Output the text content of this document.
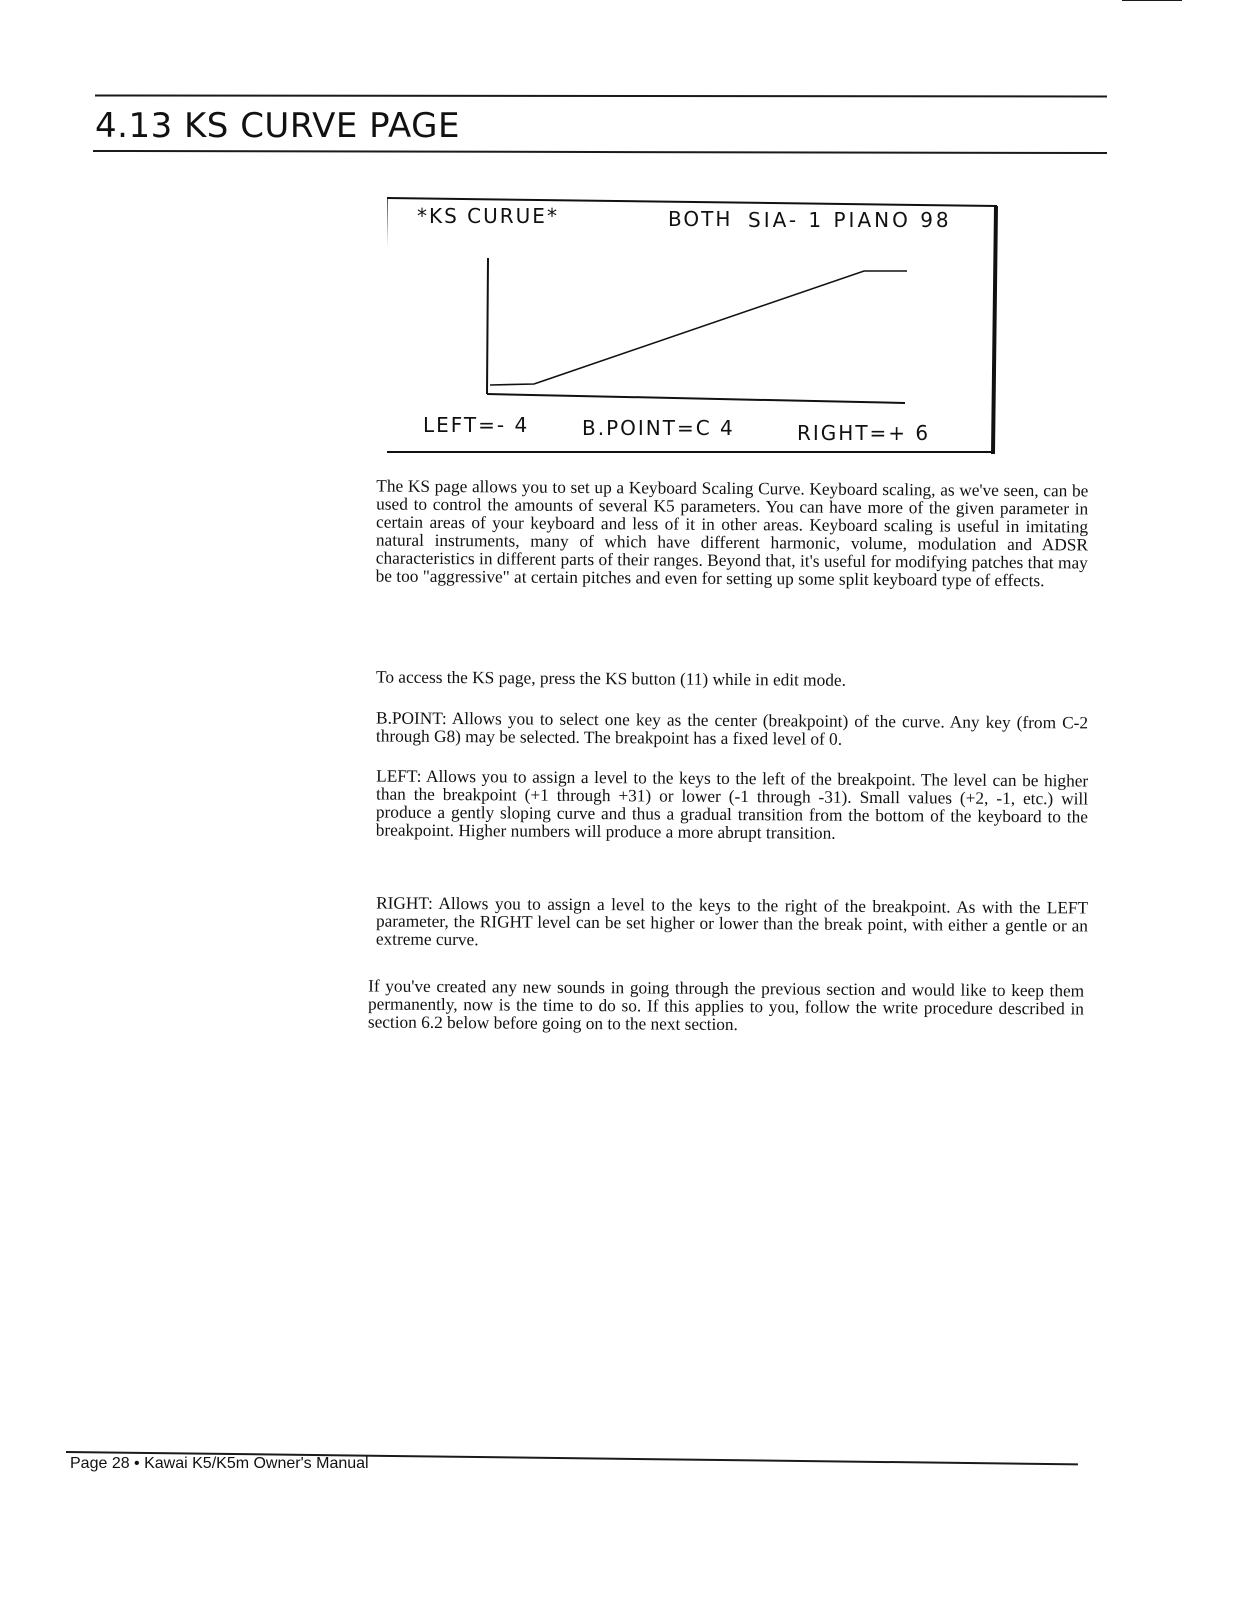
4.13 KS CURVE PAGE
*KS CURUE*	BOTH SIA- 1 PIANO 98
LEFT=- 4	B.POINT=C 4	RIGHT=+ 6

The KS page allows you to set up a Keyboard Scaling Curve. Keyboard scaling, as we've seen, can be used to control the amounts of several K5 parameters. You can have more of the given parameter in certain areas of your keyboard and less of it in other areas. Keyboard scaling is useful in imitating natural instruments, many of which have different harmonic, volume, modulation and ADSR characteristics in different parts of their ranges. Beyond that, it's useful for modifying patches that may be too "aggressive" at certain pitches and even for setting up some split keyboard type of effects.

To access the KS page, press the KS button (11) while in edit mode.

B.POINT: Allows you to select one key as the center (breakpoint) of the curve. Any key (from C-2 through G8) may be selected. The breakpoint has a fixed level of 0.

LEFT: Allows you to assign a level to the keys to the left of the breakpoint. The level can be higher than the breakpoint (+1 through +31) or lower (-1 through -31). Small values (+2, -1, etc.) will produce a gently sloping curve and thus a gradual transition from the bottom of the keyboard to the breakpoint. Higher numbers will produce a more abrupt transition.

RIGHT: Allows you to assign a level to the keys to the right of the breakpoint. As with the LEFT parameter, the RIGHT level can be set higher or lower than the break point, with either a gentle or an extreme curve.

If you've created any new sounds in going through the previous section and would like to keep them permanently, now is the time to do so. If this applies to you, follow the write procedure described in section 6.2 below before going on to the next section.

Page 28 • Kawai K5/K5m Owner's Manual
